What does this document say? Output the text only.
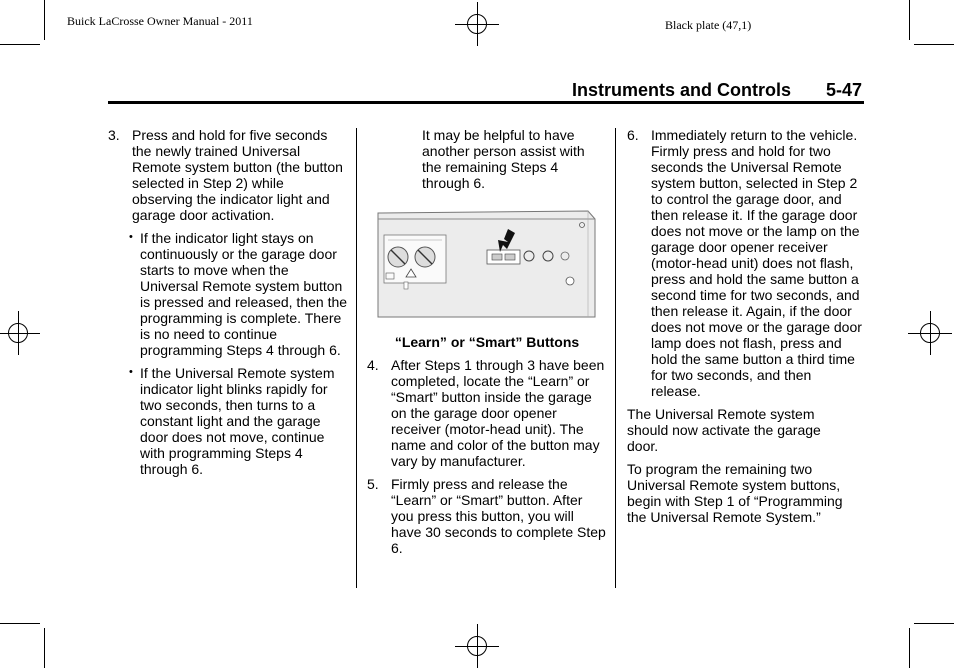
Buick LaCrosse Owner Manual - 2011	Black plate (47,1)
Instruments and Controls 5-47

3. Press and hold for five seconds the newly trained Universal Remote system button (the button selected in Step 2) while observing the indicator light and garage door activation.

• If the indicator light stays on continuously or the garage door starts to move when the Universal Remote system button is pressed and released, then the programming is complete. There is no need to continue programming Steps 4 through 6.

• If the Universal Remote system indicator light blinks rapidly for two seconds, then turns to a constant light and the garage door does not move, continue with programming Steps 4 through 6.

It may be helpful to have another person assist with the remaining Steps 4 through 6.

“Learn” or “Smart” Buttons

4. After Steps 1 through 3 have been completed, locate the “Learn” or “Smart” button inside the garage on the garage door opener receiver (motor-head unit). The name and color of the button may vary by manufacturer.

5. Firmly press and release the “Learn” or “Smart” button. After you press this button, you will have 30 seconds to complete Step 6.

6. Immediately return to the vehicle. Firmly press and hold for two seconds the Universal Remote system button, selected in Step 2 to control the garage door, and then release it. If the garage door does not move or the lamp on the garage door opener receiver (motor-head unit) does not flash, press and hold the same button a second time for two seconds, and then release it. Again, if the door does not move or the garage door lamp does not flash, press and hold the same button a third time for two seconds, and then release.

The Universal Remote system should now activate the garage door.

To program the remaining two Universal Remote system buttons, begin with Step 1 of “Programming the Universal Remote System.”
